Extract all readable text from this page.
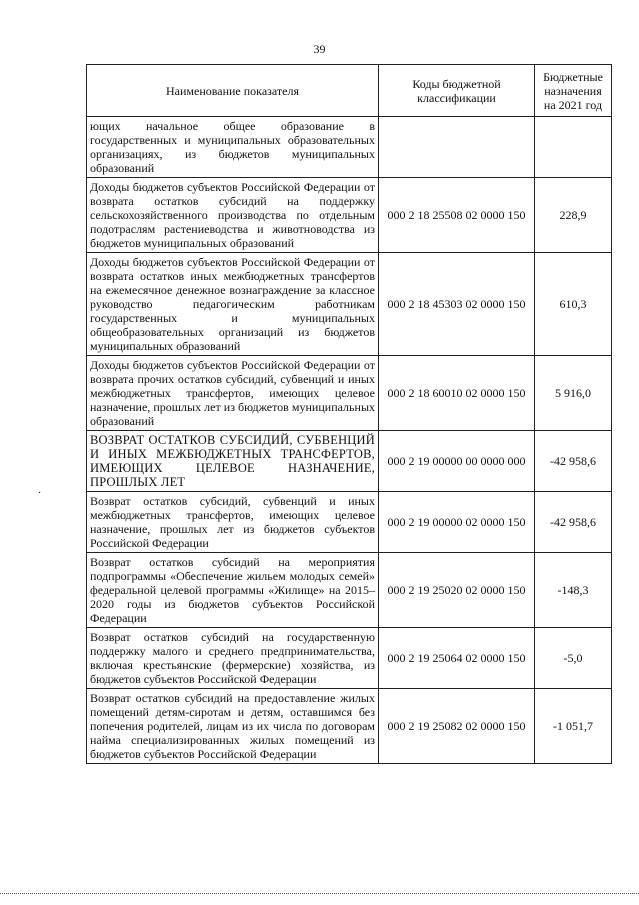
39
Наименование показателя	Коды бюджетной классификации	Бюджетные назначения на 2021 год
ющих начальное общее образование в государственных и муниципальных образовательных организациях, из бюджетов муниципальных образований		
Доходы бюджетов субъектов Российской Федерации от возврата остатков субсидий на поддержку сельскохозяйственного производства по отдельным подотраслям растениеводства и животноводства из бюджетов муниципальных образований	000 2 18 25508 02 0000 150	228,9
Доходы бюджетов субъектов Российской Федерации от возврата остатков иных межбюджетных трансфертов на ежемесячное денежное вознаграждение за классное руководство педагогическим работникам государственных и муниципальных общеобразовательных организаций из бюджетов муниципальных образований	000 2 18 45303 02 0000 150	610,3
Доходы бюджетов субъектов Российской Федерации от возврата прочих остатков субсидий, субвенций и иных межбюджетных трансфертов, имеющих целевое назначение, прошлых лет из бюджетов муниципальных образований	000 2 18 60010 02 0000 150	5 916,0
ВОЗВРАТ ОСТАТКОВ СУБСИДИЙ, СУБВЕНЦИЙ И ИНЫХ МЕЖБЮДЖЕТНЫХ ТРАНСФЕРТОВ, ИМЕЮЩИХ ЦЕЛЕВОЕ НАЗНАЧЕНИЕ, ПРОШЛЫХ ЛЕТ	000 2 19 00000 00 0000 000	-42 958,6
Возврат остатков субсидий, субвенций и иных межбюджетных трансфертов, имеющих целевое назначение, прошлых лет из бюджетов субъектов Российской Федерации	000 2 19 00000 02 0000 150	-42 958,6
Возврат остатков субсидий на мероприятия подпрограммы «Обеспечение жильем молодых семей» федеральной целевой программы «Жилище» на 2015–2020 годы из бюджетов субъектов Российской Федерации	000 2 19 25020 02 0000 150	-148,3
Возврат остатков субсидий на государственную поддержку малого и среднего предпринимательства, включая крестьянские (фермерские) хозяйства, из бюджетов субъектов Российской Федерации	000 2 19 25064 02 0000 150	-5,0
Возврат остатков субсидий на предоставление жилых помещений детям-сиротам и детям, оставшимся без попечения родителей, лицам из их числа по договорам найма специализированных жилых помещений из бюджетов субъектов Российской Федерации	000 2 19 25082 02 0000 150	-1 051,7
·
